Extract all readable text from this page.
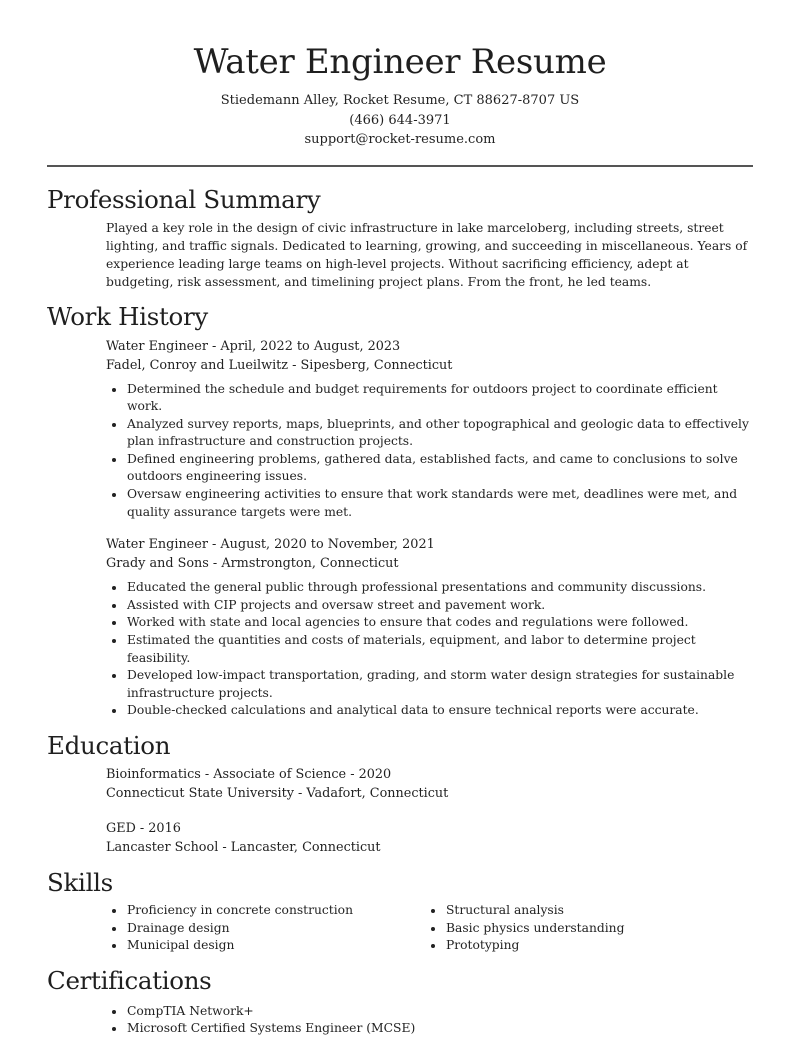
Water Engineer Resume
Stiedemann Alley, Rocket Resume, CT 88627-8707 US
(466) 644-3971
support@rocket-resume.com
Professional Summary

Played a key role in the design of civic infrastructure in lake marceloberg, including streets, street lighting, and traffic signals. Dedicated to learning, growing, and succeeding in miscellaneous. Years of experience leading large teams on high-level projects. Without sacrificing efficiency, adept at budgeting, risk assessment, and timelining project plans. From the front, he led teams.

Work History
Water Engineer - April, 2022 to August, 2023
Fadel, Conroy and Lueilwitz - Sipesberg, Connecticut
Determined the schedule and budget requirements for outdoors project to coordinate efficient work.
Analyzed survey reports, maps, blueprints, and other topographical and geologic data to effectively plan infrastructure and construction projects.
Defined engineering problems, gathered data, established facts, and came to conclusions to solve outdoors engineering issues.
Oversaw engineering activities to ensure that work standards were met, deadlines were met, and quality assurance targets were met.
Water Engineer - August, 2020 to November, 2021
Grady and Sons - Armstrongton, Connecticut
Educated the general public through professional presentations and community discussions.
Assisted with CIP projects and oversaw street and pavement work.
Worked with state and local agencies to ensure that codes and regulations were followed.
Estimated the quantities and costs of materials, equipment, and labor to determine project feasibility.
Developed low-impact transportation, grading, and storm water design strategies for sustainable infrastructure projects.
Double-checked calculations and analytical data to ensure technical reports were accurate.
Education
Bioinformatics - Associate of Science - 2020
Connecticut State University - Vadafort, Connecticut
GED - 2016
Lancaster School - Lancaster, Connecticut
Skills
Proficiency in concrete construction
Drainage design
Municipal design
Structural analysis
Basic physics understanding
Prototyping
Certifications
CompTIA Network+
Microsoft Certified Systems Engineer (MCSE)
